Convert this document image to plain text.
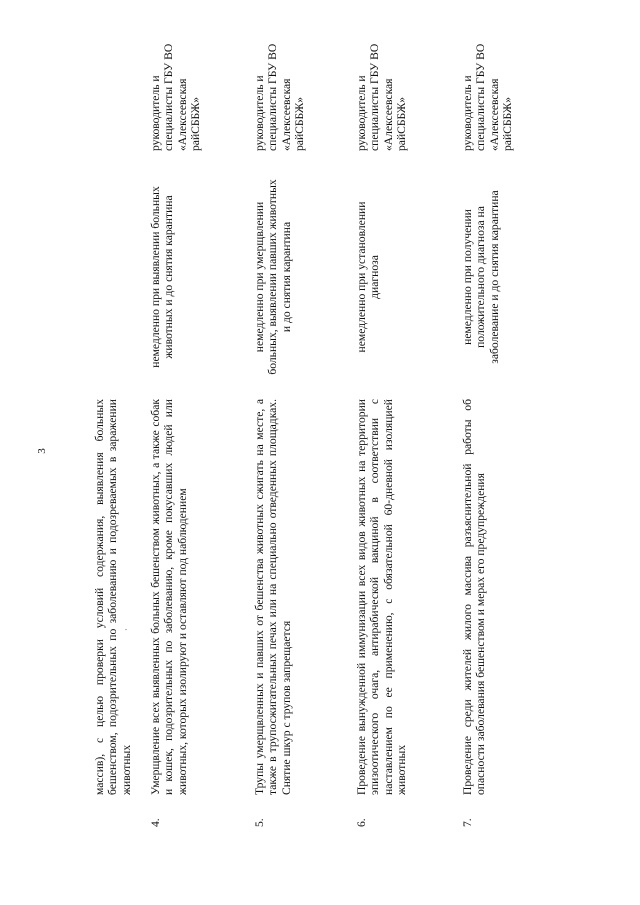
3
·
массив), с целью проверки условий содержания, выявления больных бешенством, подозрительных по заболеванию и подозреваемых в заражении животных
4.
Умерщвление всех выявленных больных бешенством животных, а также собак и кошек, подозрительных по заболеванию, кроме покусавших людей или животных, которых изолируют и оставляют под наблюдением
немедленно при выявлении больных животных и до снятия карантина
руководитель и специалисты ГБУ ВО «Алексеевская райСББЖ»
5.
Трупы умерщвленных и павших от бешенства животных сжигать на месте, а также в трупосжигательных печах или на специально отведенных площадках. Снятие шкур с трупов запрещается
немедленно при умерщвлении больных, выявлении павших животных и до снятия карантина
руководитель и специалисты ГБУ ВО «Алексеевская райСББЖ»
6.
Проведение вынужденной иммунизации всех видов животных на территории эпизоотического очага, антирабической вакциной в соответствии с наставлением по ее применению, с обязательной 60-дневной изоляцией животных
немедленно при установлении диагноза
руководитель и специалисты ГБУ ВО «Алексеевская райСББЖ»
7.
Проведение среди жителей жилого массива разъяснительной работы об опасности заболевания бешенством и мерах его предупреждения
немедленно при получении положительного диагноза на заболевание и до снятия карантина
руководитель и специалисты ГБУ ВО «Алексеевская райСББЖ»
